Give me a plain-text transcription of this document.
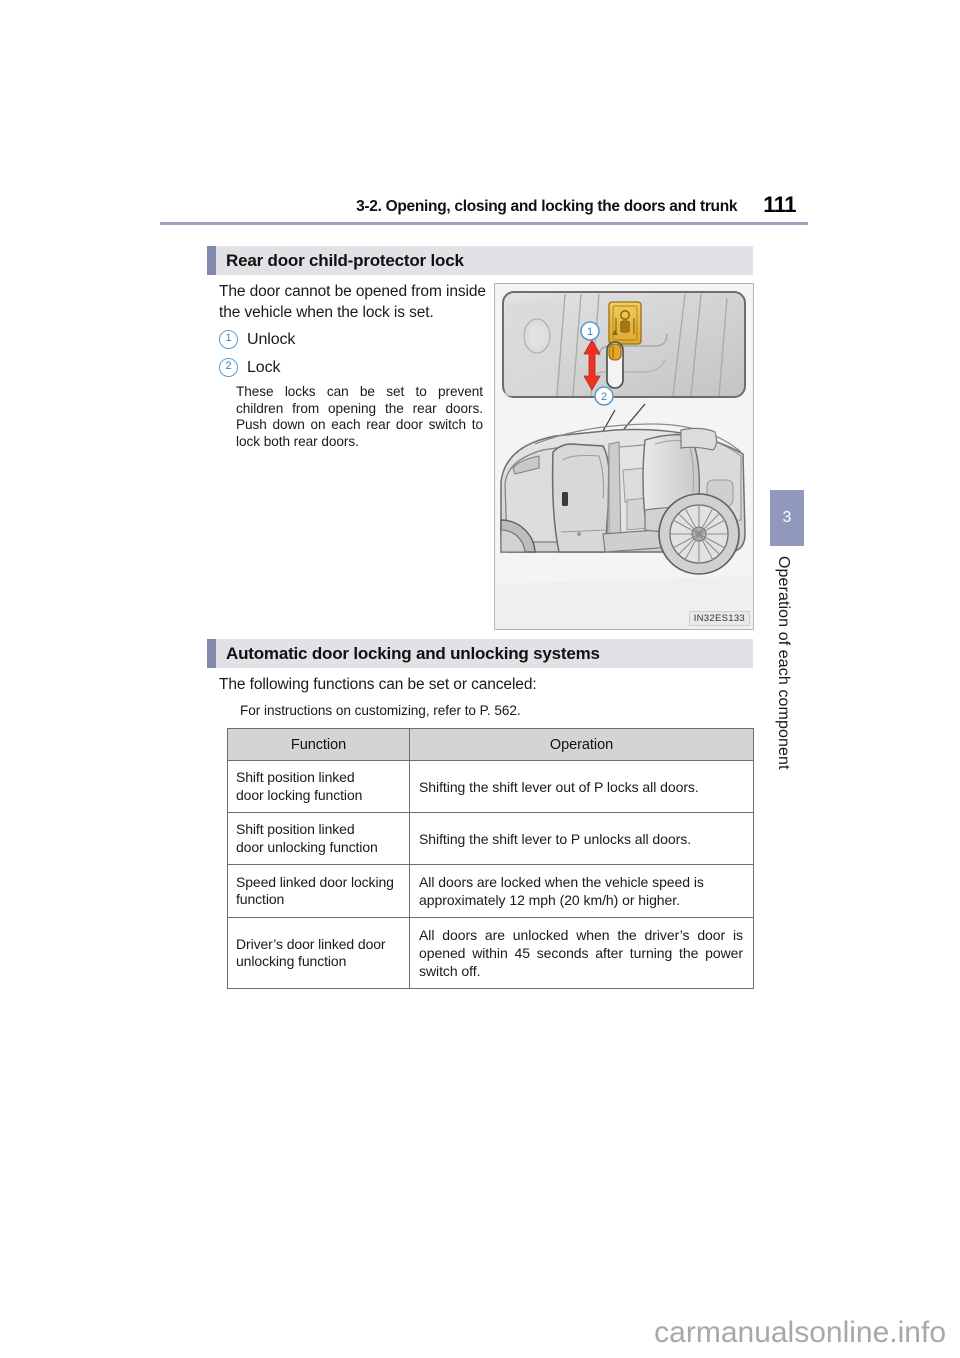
3-2. Opening, closing and locking the doors and trunk 111
3
Operation of each component
Rear door child-protector lock
The door cannot be opened from inside the vehicle when the lock is set.
1 Unlock
2 Lock
These locks can be set to prevent children from opening the rear doors. Push down on each rear door switch to lock both rear doors.
1
2
IN32ES133
Automatic door locking and unlocking systems
The following functions can be set or canceled:
For instructions on customizing, refer to P. 562.
Function	Operation
Shift position linked
door locking function	Shifting the shift lever out of P locks all doors.
Shift position linked
door unlocking function	Shifting the shift lever to P unlocks all doors.
Speed linked door locking
function	All doors are locked when the vehicle speed is approximately 12 mph (20 km/h) or higher.
Driver’s door linked door
unlocking function	All doors are unlocked when the driver’s door is opened within 45 seconds after turning the power switch off.
carmanualsonline.info
